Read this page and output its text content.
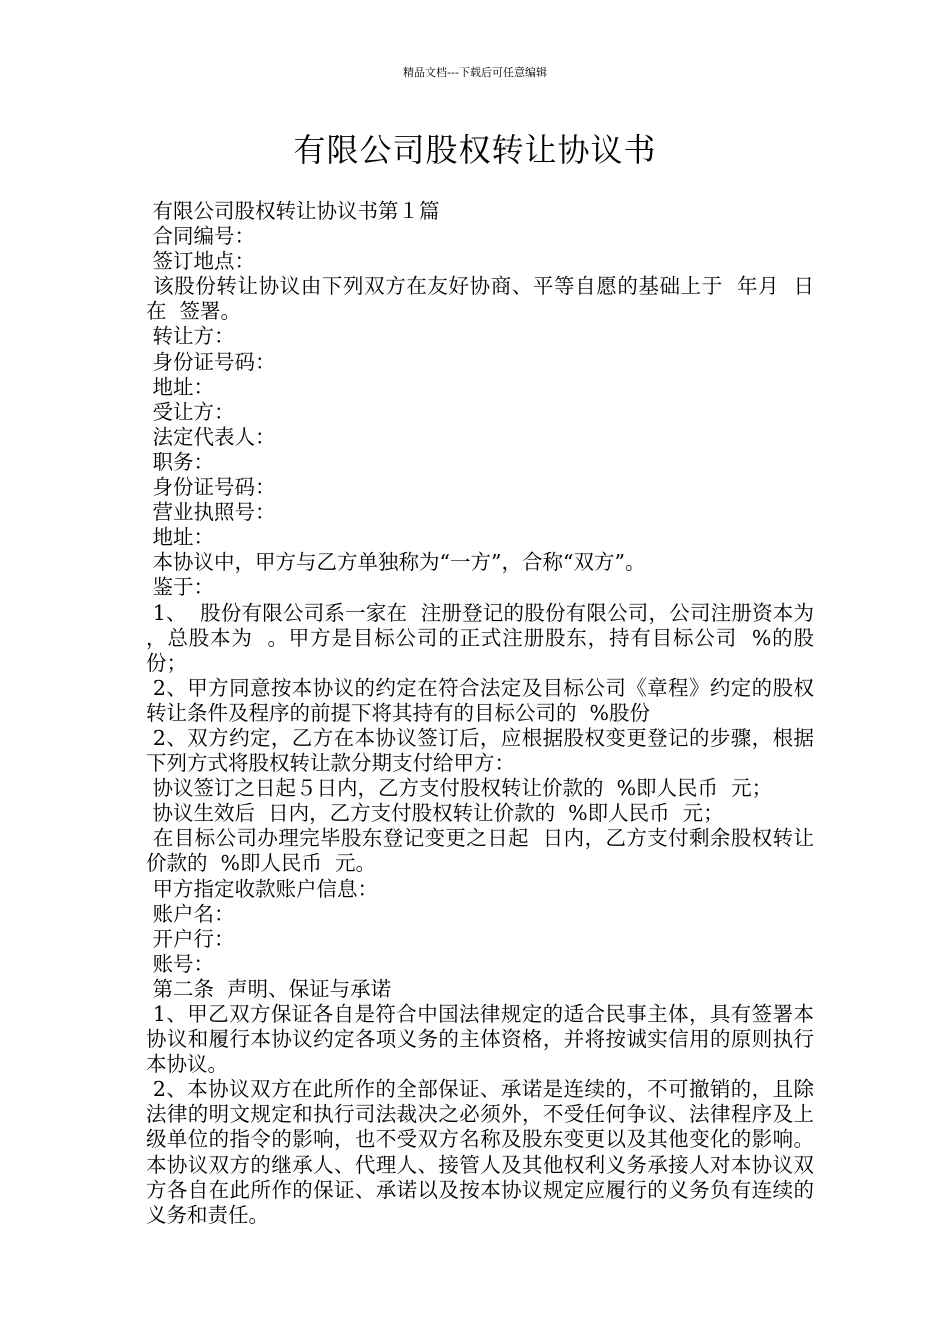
精品文档---下载后可任意编辑
有限公司股权转让协议书

有限公司股权转让协议书第１篇

合同编号：

签订地点：

该股份转让协议由下列双方在友好协商、平等自愿的基础上于  年月  日在  签署。

转让方：

身份证号码：

地址：

受让方：

法定代表人：

职务：

身份证号码：

营业执照号：

地址：

本协议中，甲方与乙方单独称为“一方”，合称“双方”。

鉴于：

1、  股份有限公司系一家在  注册登记的股份有限公司，公司注册资本为  ，总股本为  。甲方是目标公司的正式注册股东，持有目标公司  %的股份；

2、甲方同意按本协议的约定在符合法定及目标公司《章程》约定的股权转让条件及程序的前提下将其持有的目标公司的  %股份

2、双方约定，乙方在本协议签订后，应根据股权变更登记的步骤，根据下列方式将股权转让款分期支付给甲方：

协议签订之日起５日内，乙方支付股权转让价款的  %即人民币  元；

协议生效后  日内，乙方支付股权转让价款的  %即人民币  元；

在目标公司办理完毕股东登记变更之日起  日内，乙方支付剩余股权转让价款的  %即人民币  元。

甲方指定收款账户信息：

账户名：

开户行：

账号：

第二条  声明、保证与承诺

1、甲乙双方保证各自是符合中国法律规定的适合民事主体，具有签署本协议和履行本协议约定各项义务的主体资格，并将按诚实信用的原则执行本协议。

2、本协议双方在此所作的全部保证、承诺是连续的，不可撤销的，且除法律的明文规定和执行司法裁决之必须外，不受任何争议、法律程序及上级单位的指令的影响，也不受双方名称及股东变更以及其他变化的影响。本协议双方的继承人、代理人、接管人及其他权利义务承接人对本协议双方各自在此所作的保证、承诺以及按本协议规定应履行的义务负有连续的义务和责任。
